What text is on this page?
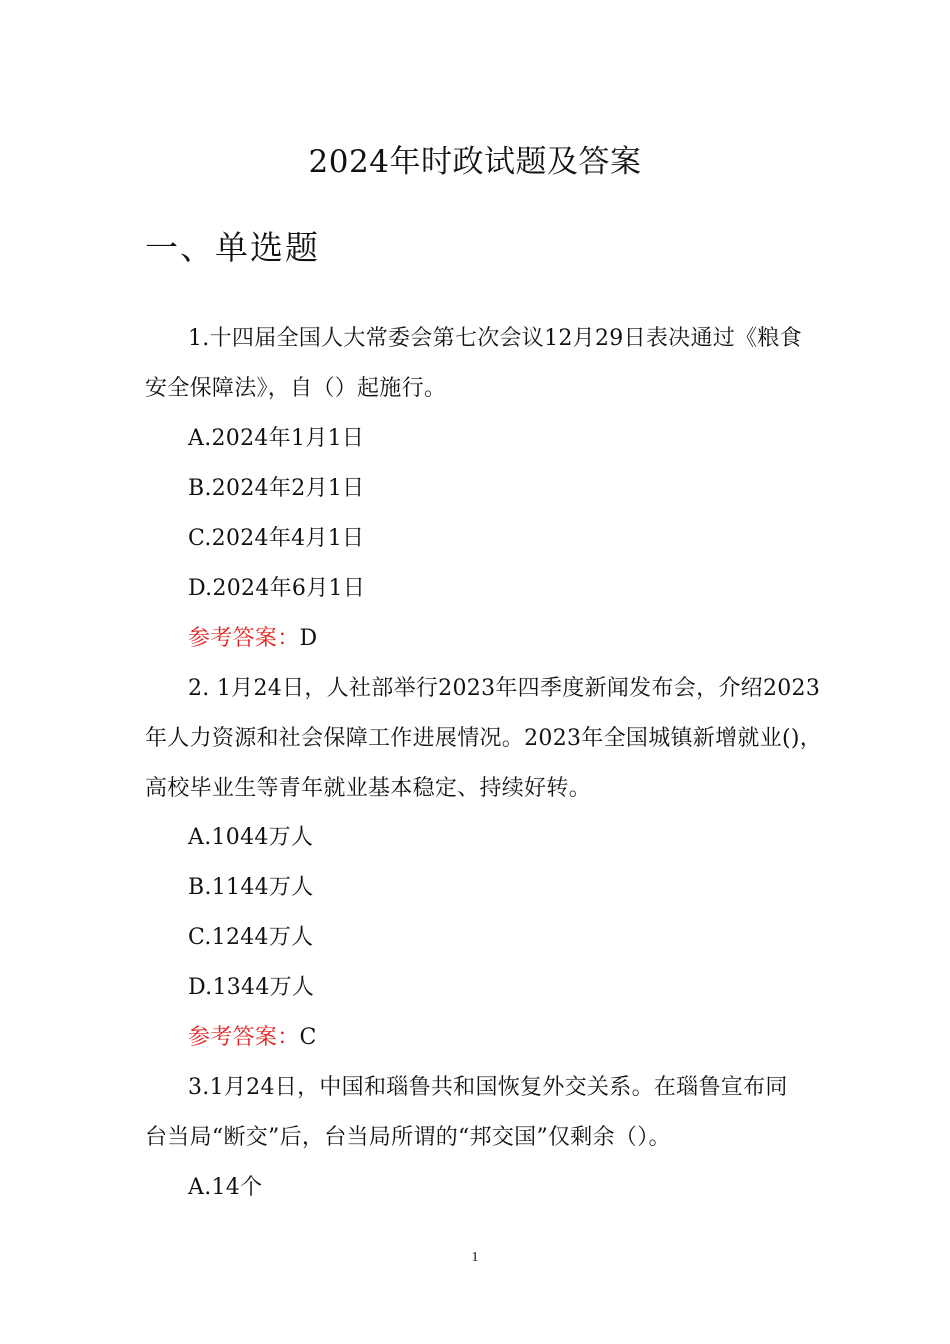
2024年时政试题及答案
一、单选题
1.十四届全国人大常委会第七次会议12月29日表决通过《粮食
安全保障法》，自（）起施行。
A.2024年1月1日
B.2024年2月1日
C.2024年4月1日
D.2024年6月1日
参考答案：D
2. 1月24日，人社部举行2023年四季度新闻发布会，介绍2023
年人力资源和社会保障工作进展情况。2023年全国城镇新增就业()，
高校毕业生等青年就业基本稳定、持续好转。
A.1044万人
B.1144万人
C.1244万人
D.1344万人
参考答案：C
3.1月24日，中国和瑙鲁共和国恢复外交关系。在瑙鲁宣布同
台当局“断交”后，台当局所谓的“邦交国”仅剩余（）。
A.14个
1
